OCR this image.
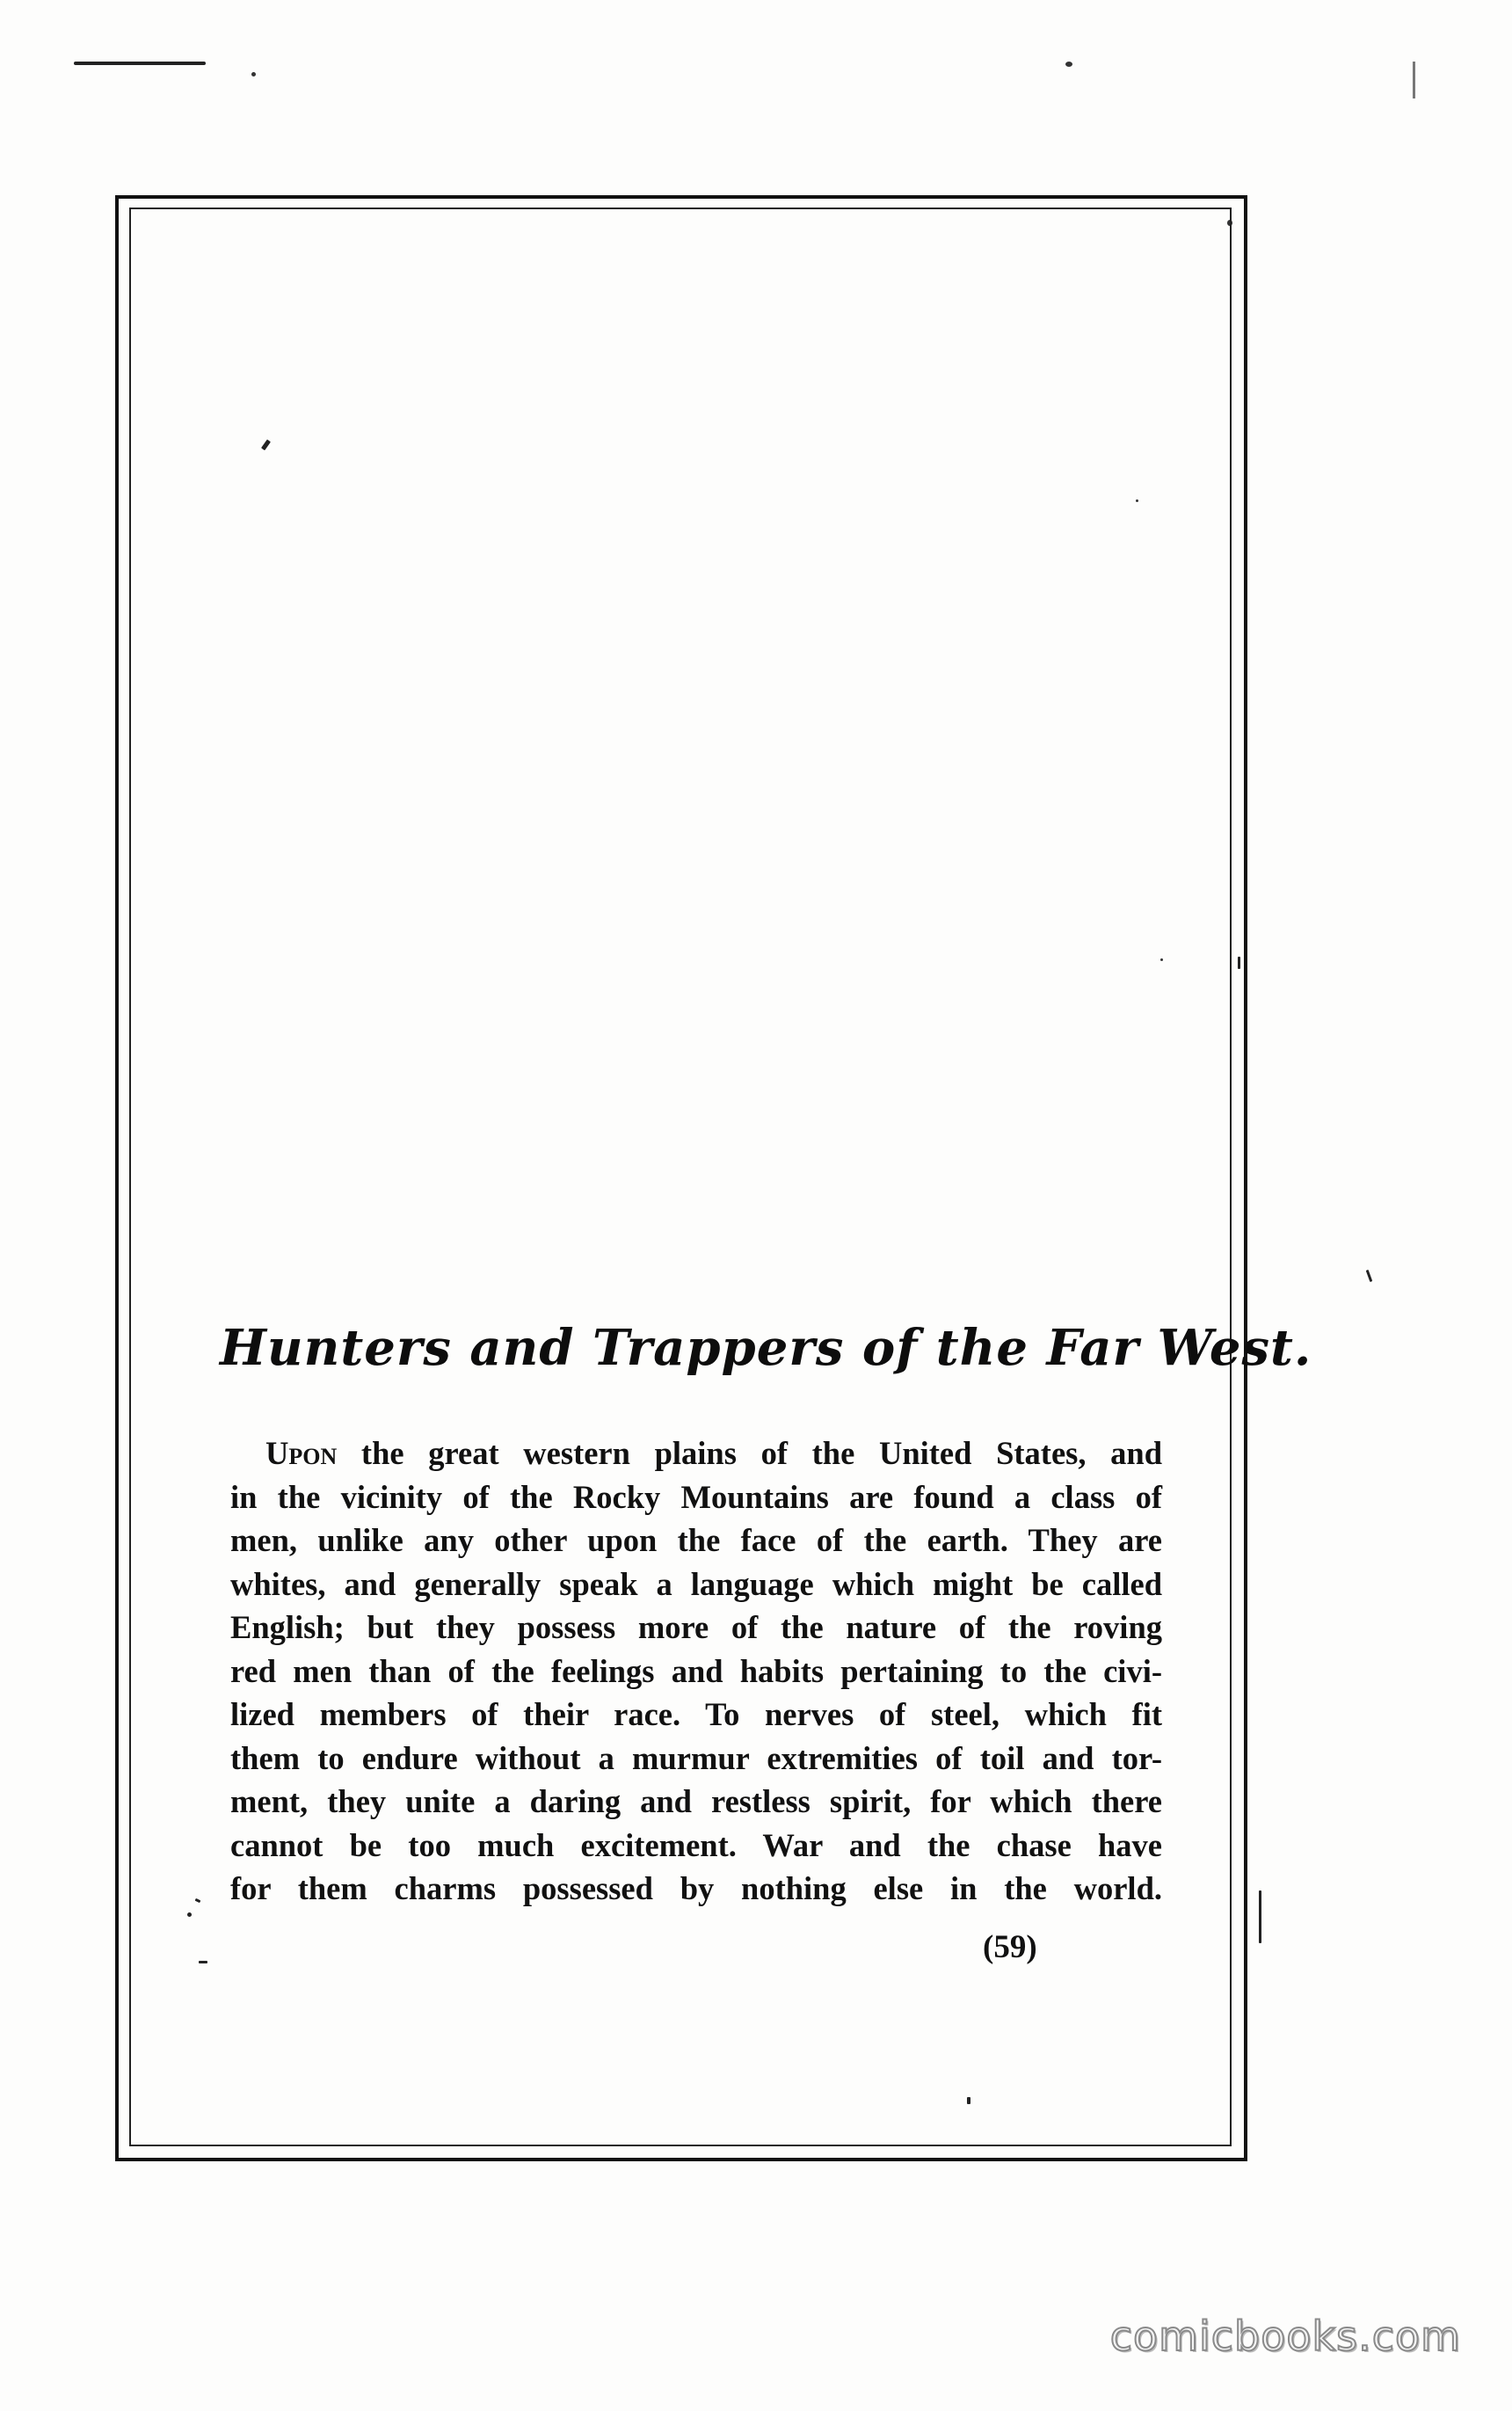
Hunters and Trappers of the Far West.
Upon the great western plains of the United States, and
in the vicinity of the Rocky Mountains are found a class of
men, unlike any other upon the face of the earth. They are
whites, and generally speak a language which might be called
English; but they possess more of the nature of the roving
red men than of the feelings and habits pertaining to the civi-
lized members of their race. To nerves of steel, which fit
them to endure without a murmur extremities of toil and tor-
ment, they unite a daring and restless spirit, for which there
cannot be too much excitement. War and the chase have
for them charms possessed by nothing else in the world.
(59)
comicbooks.com
